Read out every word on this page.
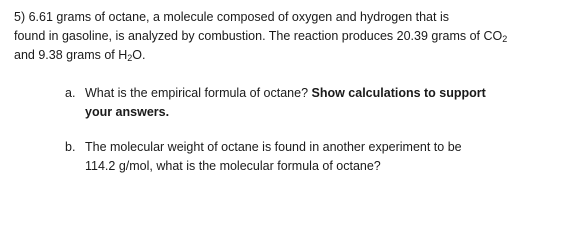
5) 6.61 grams of octane, a molecule composed of oxygen and hydrogen that is

found in gasoline, is analyzed by combustion. The reaction produces 20.39 grams of $CO_2$

and 9.38 grams of $H_2O$.

a. What is the empirical formula of octane? Show calculations to support
your answers.
b. The molecular weight of octane is found in another experiment to be
114.2 g/mol, what is the molecular formula of octane?
